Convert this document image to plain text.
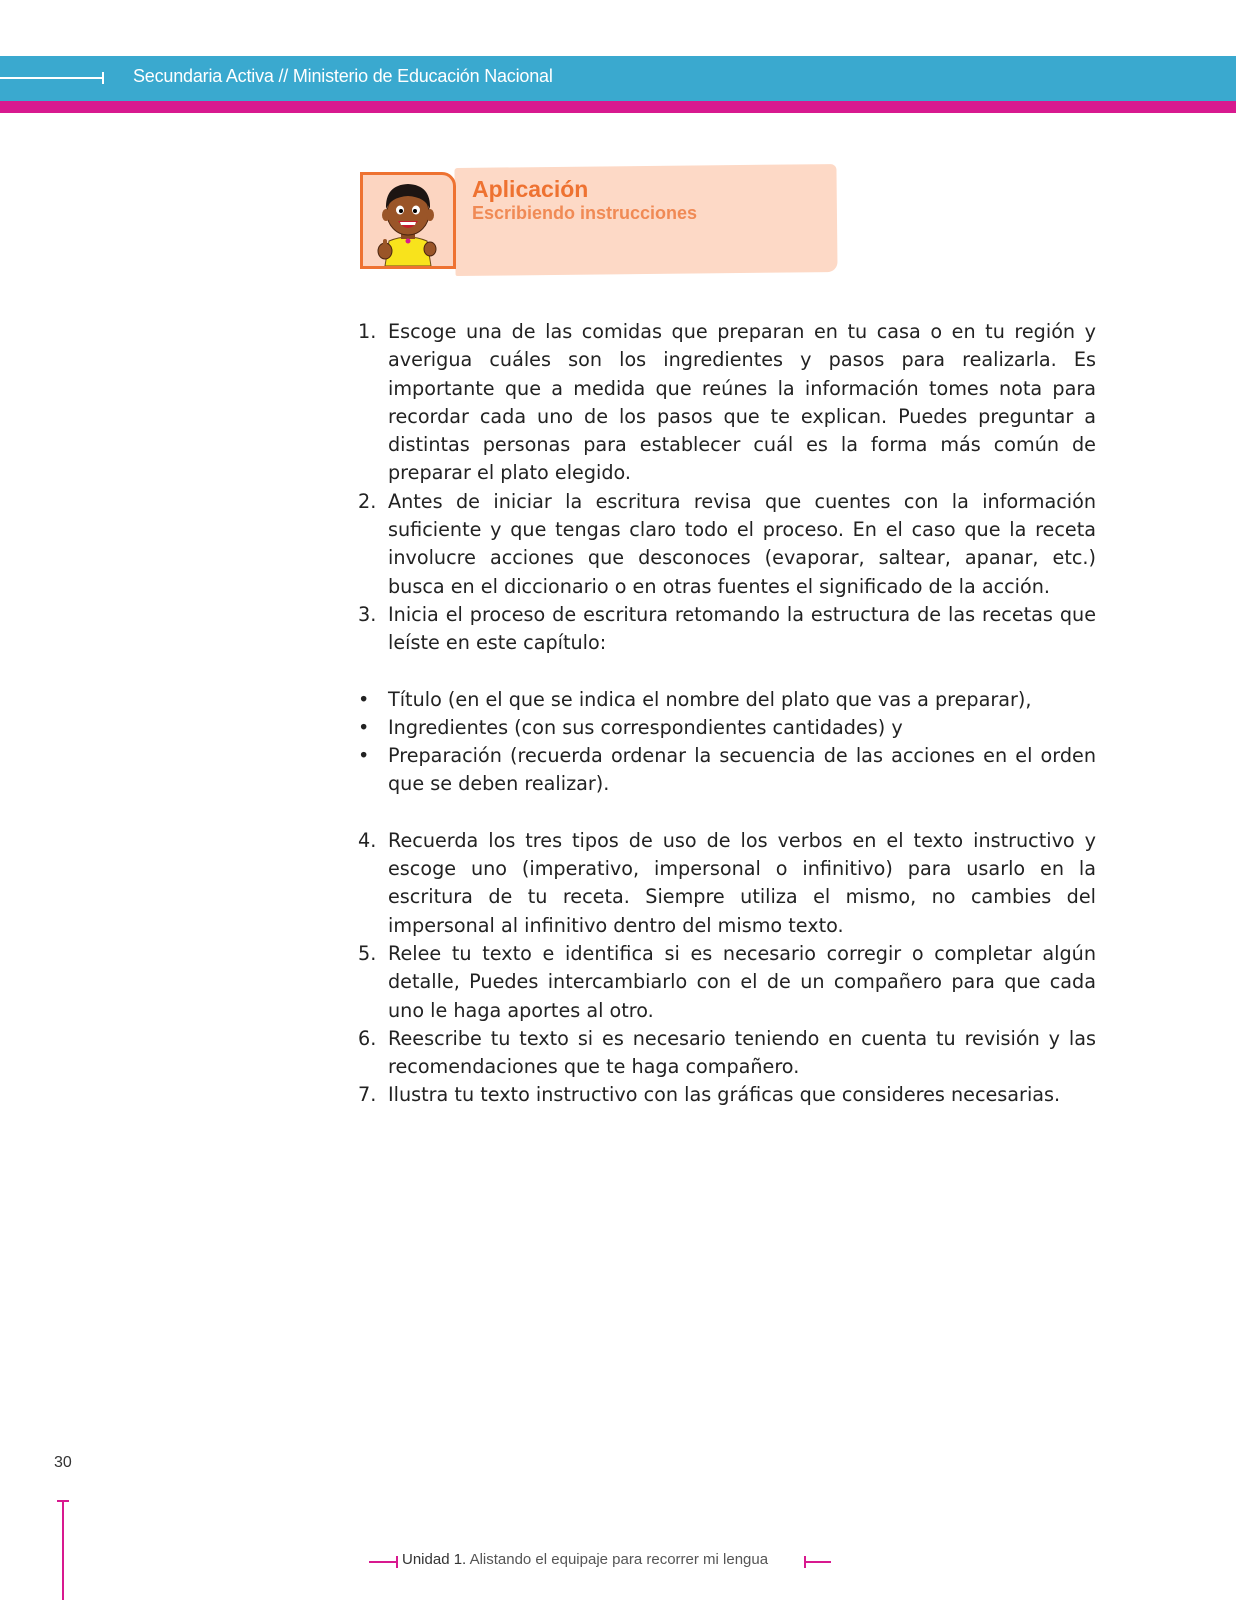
Secundaria Activa // Ministerio de Educación Nacional
Aplicación
Escribiendo instrucciones
1. Escoge una de las comidas que preparan en tu casa o en tu región y averigua cuáles son los ingredientes y pasos para realizarla. Es importante que a medida que reúnes la información tomes nota para recordar cada uno de los pasos que te explican. Puedes preguntar a distintas personas para establecer cuál es la forma más común de preparar el plato elegido.
2. Antes de iniciar la escritura revisa que cuentes con la información suficiente y que tengas claro todo el proceso. En el caso que la receta involucre acciones que desconoces (evaporar, saltear, apanar, etc.) busca en el diccionario o en otras fuentes el significado de la acción.
3. Inicia el proceso de escritura retomando la estructura de las recetas que leíste en este capítulo:
• Título (en el que se indica el nombre del plato que vas a preparar),
• Ingredientes (con sus correspondientes cantidades) y
• Preparación (recuerda ordenar la secuencia de las acciones en el orden que se deben realizar).
4. Recuerda los tres tipos de uso de los verbos en el texto instructivo y escoge uno (imperativo, impersonal o infinitivo) para usarlo en la escritura de tu receta. Siempre utiliza el mismo, no cambies del impersonal al infinitivo dentro del mismo texto.
5. Relee tu texto e identifica si es necesario corregir o completar algún detalle, Puedes intercambiarlo con el de un compañero para que cada uno le haga aportes al otro.
6. Reescribe tu texto si es necesario teniendo en cuenta tu revisión y las recomendaciones que te haga compañero.
7. Ilustra tu texto instructivo con las gráficas que consideres necesarias.
30
Unidad 1. Alistando el equipaje para recorrer mi lengua
